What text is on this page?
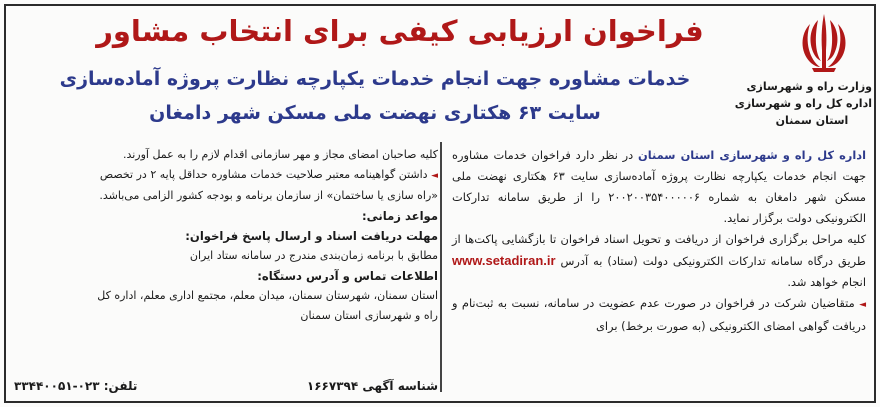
وزارت راه و شهرسازی
اداره کل راه و شهرسازی
استان سمنان
فراخوان ارزیابی کیفی برای انتخاب مشاور
خدمات مشاوره جهت انجام خدمات یکپارچه نظارت پروژه آماده‌سازی
سایت ۶۳ هکتاری نهضت ملی مسکن شهر دامغان

اداره کل راه و شهرسازی استان سمنان در نظر دارد فراخوان خدمات مشاوره جهت انجام خدمات یکپارچه نظارت پروژه آماده‌سازی سایت ۶۳ هکتاری نهضت ملی مسکن شهر دامغان به شماره ۲۰۰۲۰۰۳۵۴۰۰۰۰۰۶ را از طریق سامانه تدارکات الکترونیکی دولت برگزار نماید.

کلیه مراحل برگزاری فراخوان از دریافت و تحویل اسناد فراخوان تا بازگشایی پاکت‌ها از طریق درگاه سامانه تدارکات الکترونیکی دولت (ستاد) به آدرس www.setadiran.ir انجام خواهد شد.

◄ متقاضیان شرکت در فراخوان در صورت عدم عضویت در سامانه، نسبت به ثبت‌نام و دریافت گواهی امضای الکترونیکی (به صورت برخط) برای

کلیه صاحبان امضای مجاز و مهر سازمانی اقدام لازم را به عمل آورند.
◄ داشتن گواهینامه معتبر صلاحیت خدمات مشاوره حداقل پایه ۲ در تخصص
«راه سازی یا ساختمان» از سازمان برنامه و بودجه کشور الزامی می‌باشد.
مواعد زمانی:
مهلت دریافت اسناد و ارسال پاسخ فراخوان:
مطابق با برنامه زمان‌بندی مندرج در سامانه ستاد ایران
اطلاعات تماس و آدرس دستگاه:
استان سمنان، شهرستان سمنان، میدان معلم، مجتمع اداری معلم، اداره کل
راه و شهرسازی استان سمنان
تلفن: ۰۲۳-۳۳۴۴۰۰۵۱	شناسه آگهی ۱۶۶۷۳۹۴
